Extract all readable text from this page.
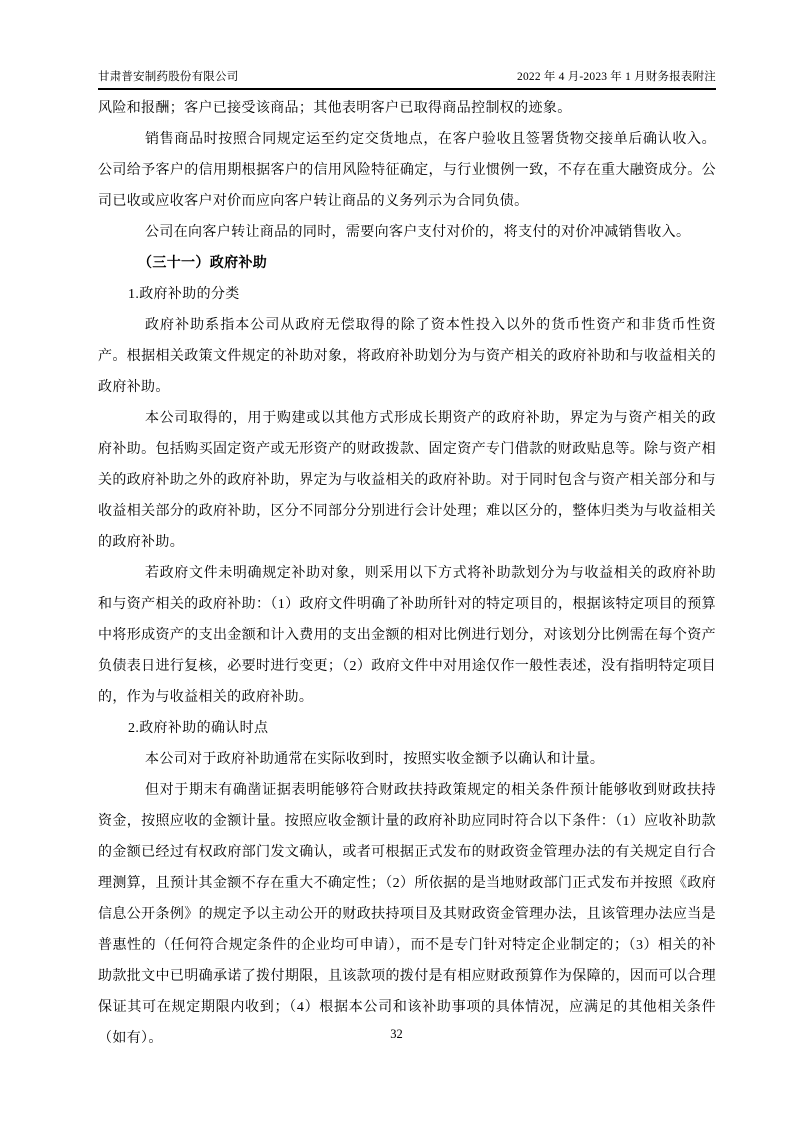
甘肃普安制药股份有限公司	2022 年 4 月-2023 年 1 月财务报表附注

风险和报酬；客户已接受该商品；其他表明客户已取得商品控制权的迹象。

销售商品时按照合同规定运至约定交货地点，在客户验收且签署货物交接单后确认收入。公司给予客户的信用期根据客户的信用风险特征确定，与行业惯例一致，不存在重大融资成分。公司已收或应收客户对价而应向客户转让商品的义务列示为合同负债。

公司在向客户转让商品的同时，需要向客户支付对价的，将支付的对价冲减销售收入。

（三十一）政府补助

1.政府补助的分类

政府补助系指本公司从政府无偿取得的除了资本性投入以外的货币性资产和非货币性资产。根据相关政策文件规定的补助对象，将政府补助划分为与资产相关的政府补助和与收益相关的政府补助。

本公司取得的，用于购建或以其他方式形成长期资产的政府补助，界定为与资产相关的政府补助。包括购买固定资产或无形资产的财政拨款、固定资产专门借款的财政贴息等。除与资产相关的政府补助之外的政府补助，界定为与收益相关的政府补助。对于同时包含与资产相关部分和与收益相关部分的政府补助，区分不同部分分别进行会计处理；难以区分的，整体归类为与收益相关的政府补助。

若政府文件未明确规定补助对象，则采用以下方式将补助款划分为与收益相关的政府补助和与资产相关的政府补助：（1）政府文件明确了补助所针对的特定项目的，根据该特定项目的预算中将形成资产的支出金额和计入费用的支出金额的相对比例进行划分，对该划分比例需在每个资产负债表日进行复核，必要时进行变更；（2）政府文件中对用途仅作一般性表述，没有指明特定项目的，作为与收益相关的政府补助。

2.政府补助的确认时点

本公司对于政府补助通常在实际收到时，按照实收金额予以确认和计量。

但对于期末有确凿证据表明能够符合财政扶持政策规定的相关条件预计能够收到财政扶持资金，按照应收的金额计量。按照应收金额计量的政府补助应同时符合以下条件：（1）应收补助款的金额已经过有权政府部门发文确认，或者可根据正式发布的财政资金管理办法的有关规定自行合理测算，且预计其金额不存在重大不确定性；（2）所依据的是当地财政部门正式发布并按照《政府信息公开条例》的规定予以主动公开的财政扶持项目及其财政资金管理办法，且该管理办法应当是普惠性的（任何符合规定条件的企业均可申请），而不是专门针对特定企业制定的；（3）相关的补助款批文中已明确承诺了拨付期限，且该款项的拨付是有相应财政预算作为保障的，因而可以合理保证其可在规定期限内收到；（4）根据本公司和该补助事项的具体情况，应满足的其他相关条件（如有）。	32
